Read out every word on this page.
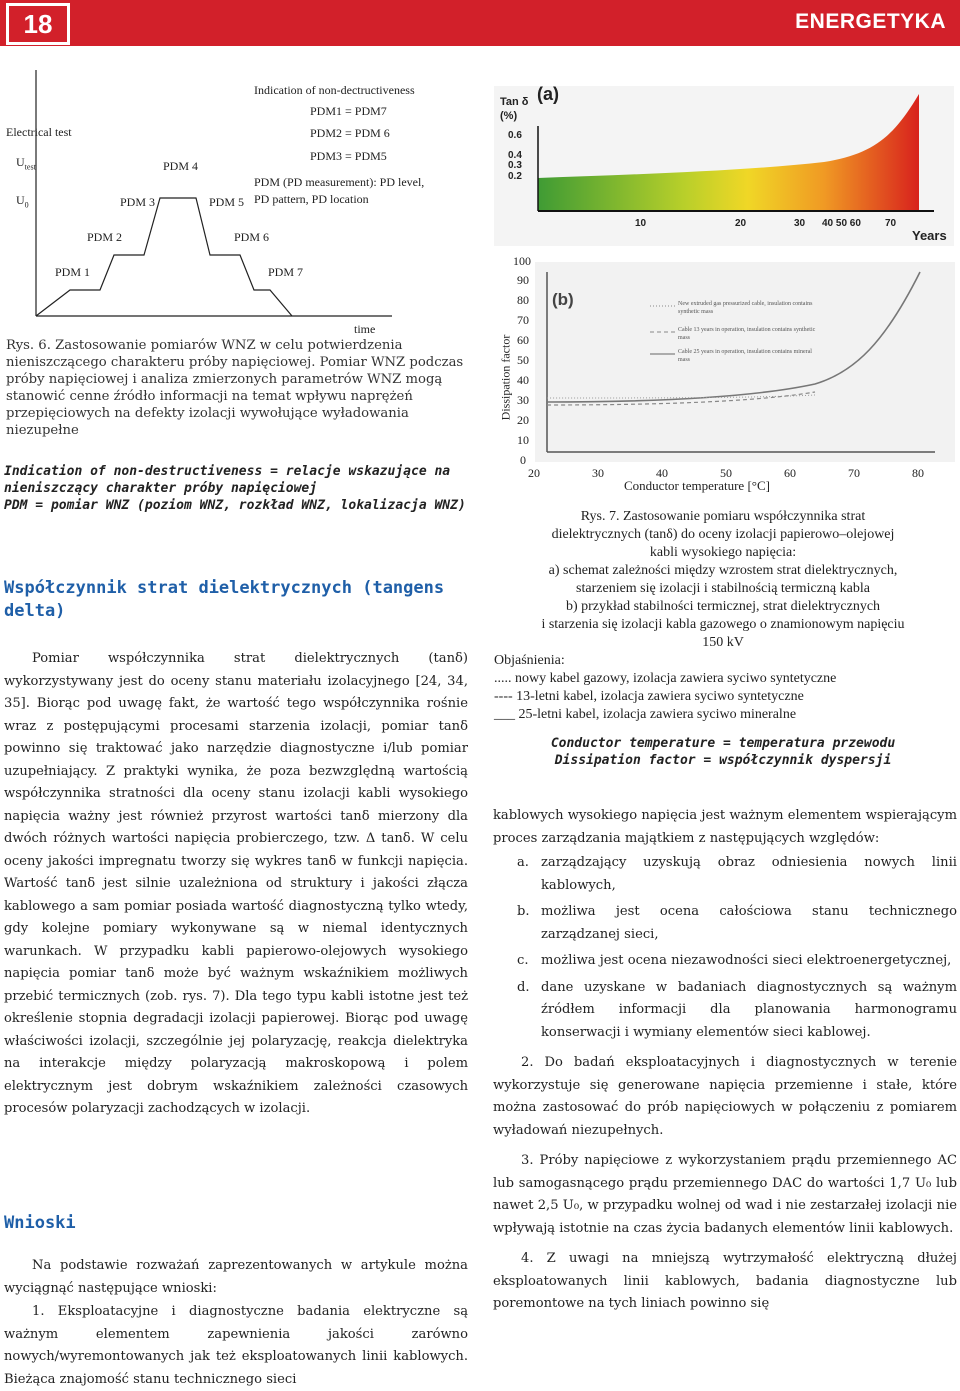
18	ENERGETYKA
Electrical test
$U_{test}$
$U_0$
PDM 1
PDM 2
PDM 3
PDM 4
PDM 5
PDM 6
PDM 7
Indication of non-dectructiveness
PDM1 = PDM7
PDM2 = PDM 6
PDM3 = PDM5
PDM (PD measurement): PD level,
PD pattern, PD location
time
Rys. 6. Zastosowanie pomiarów WNZ w celu potwierdzenia nieniszczącego charakteru próby napięciowej. Pomiar WNZ podczas próby napięciowej i analiza zmierzonych parametrów WNZ mogą stanowić cenne źródło informacji na temat wpływu naprężeń przepięciowych na defekty izolacji wywołujące wyładowania niezupełne
Indication of non-destructiveness = relacje wskazujące na nieniszczący charakter próby napięciowej
PDM = pomiar WNZ (poziom WNZ, rozkład WNZ, lokalizacja WNZ)
Współczynnik strat dielektrycznych (tangens delta)
Pomiar współczynnika strat dielektrycznych (tanδ) wykorzystywany jest do oceny stanu materiału izolacyjnego [24, 34, 35]. Biorąc pod uwagę fakt, że wartość tego współczynnika rośnie wraz z postępującymi procesami starzenia izolacji, pomiar tanδ powinno się traktować jako narzędzie diagnostyczne i/lub pomiar uzupełniający. Z praktyki wynika, że poza bezwzględną wartością współczynnika stratności dla oceny stanu izolacji kabli wysokiego napięcia ważny jest również przyrost wartości tanδ mierzony dla dwóch różnych wartości napięcia probierczego, tzw. Δ tanδ. W celu oceny jakości impregnatu tworzy się wykres tanδ w funkcji napięcia. Wartość tanδ jest silnie uzależniona od struktury i jakości złącza kablowego a sam pomiar posiada wartość diagnostyczną tylko wtedy, gdy kolejne pomiary wykonywane są w niemal identycznych warunkach. W przypadku kabli papierowo-olejowych wysokiego napięcia pomiar tanδ może być ważnym wskaźnikiem możliwych przebić termicznych (zob. rys. 7). Dla tego typu kabli istotne jest też określenie stopnia degradacji izolacji papierowej. Biorąc pod uwagę właściwości izolacji, szczególnie jej polaryzację, reakcja dielektryka na interakcje między polaryzacją makroskopową i polem elektrycznym jest dobrym wskaźnikiem zależności czasowych procesów polaryzacji zachodzących w izolacji.
Wnioski
Na podstawie rozważań zaprezentowanych w artykule można wyciągnąć następujące wnioski:
1. Eksploatacyjne i diagnostyczne badania elektryczne są ważnym elementem zapewnienia jakości zarówno nowych/wyremontowanych jak też eksploatowanych linii kablowych. Bieżąca znajomość stanu technicznego sieci
Tan δ
(%)
(a)
0.6
0.4
0.3
0.2
10	20	30 40 50 60 70
Years
(b)	New extruded gas pressurized cable, insulation contains synthetic mass
Cable 13 years in operation, insulation contains synthetic mass
Cable 25 years in operation, insulation contains mineral mass
100
90
80
70
60
50
40
30
20
10
0
Dissipation factor
20	30	40	50	60	70	80
Conductor temperature [°C]
Rys. 7. Zastosowanie pomiaru współczynnika strat
dielektrycznych (tanδ) do oceny izolacji papierowo–olejowej
kabli wysokiego napięcia:
a) schemat zależności między wzrostem strat dielektrycznych,
starzeniem się izolacji i stabilnością termiczną kabla
b) przykład stabilności termicznej, strat dielektrycznych
i starzenia się izolacji kabla gazowego o znamionowym napięciu
150 kV
Objaśnienia:
..... nowy kabel gazowy, izolacja zawiera syciwo syntetyczne
---- 13-letni kabel, izolacja zawiera syciwo syntetyczne
___ 25-letni kabel, izolacja zawiera syciwo mineralne
Conductor temperature = temperatura przewodu
Dissipation factor = współczynnik dyspersji

kablowych wysokiego napięcia jest ważnym elementem wspierającym proces zarządzania majątkiem z następujących względów:

a. zarządzający uzyskują obraz odniesienia nowych linii kablowych,
b. możliwa jest ocena całościowa stanu technicznego zarządzanej sieci,
c. możliwa jest ocena niezawodności sieci elektroenergetycznej,
d. dane uzyskane w badaniach diagnostycznych są ważnym źródłem informacji dla planowania harmonogramu konserwacji i wymiany elementów sieci kablowej.

2. Do badań eksploatacyjnych i diagnostycznych w terenie wykorzystuje się generowane napięcia przemienne i stałe, które można zastosować do prób napięciowych w połączeniu z pomiarem wyładowań niezupełnych.

3. Próby napięciowe z wykorzystaniem prądu przemiennego AC lub samogasnącego prądu przemiennego DAC do wartości 1,7 U₀ lub nawet 2,5 U₀, w przypadku wolnej od wad i nie zestarzałej izolacji nie wpływają istotnie na czas życia badanych elementów linii kablowych.

4. Z uwagi na mniejszą wytrzymałość elektryczną dłużej eksploatowanych linii kablowych, badania diagnostyczne lub poremontowe na tych liniach powinno się
